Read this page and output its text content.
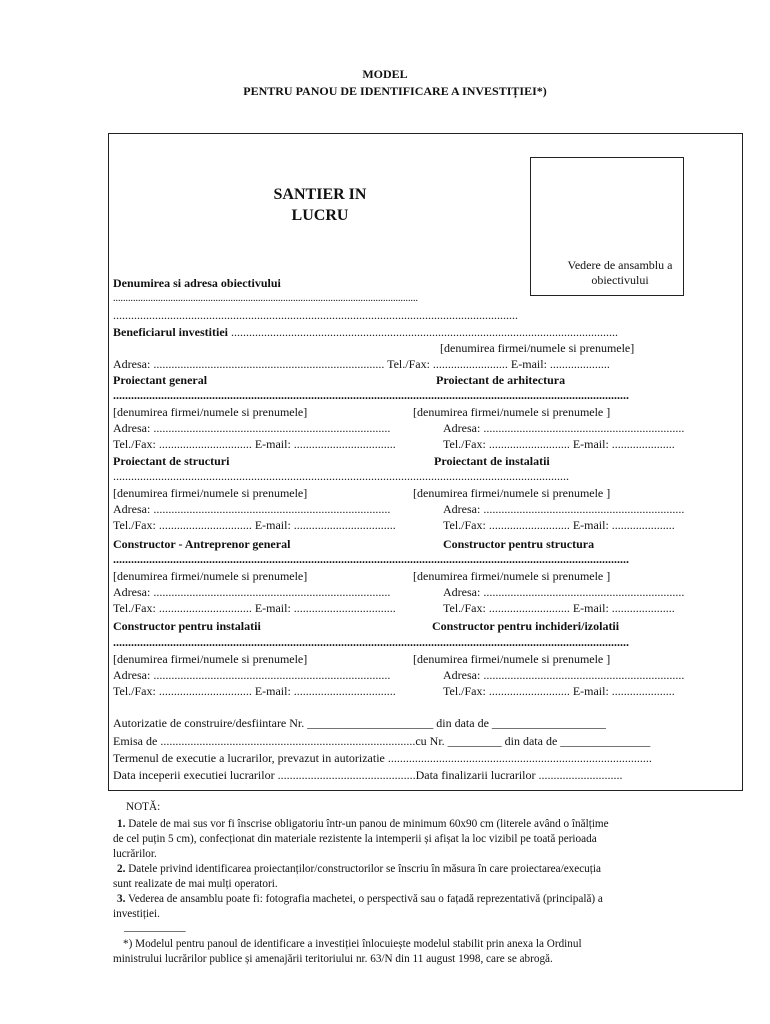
MODEL
PENTRU PANOU DE IDENTIFICARE A INVESTIȚIEI*)
SANTIER IN
LUCRU
Vedere de ansamblu a
obiectivului
Denumirea si adresa obiectivului
..........................................................................................................................
.......................................................................................................................................
Beneficiarul investitiei .................................................................................................................................
[denumirea firmei/numele si prenumele]
Adresa: ............................................................................. Tel./Fax: ......................... E-mail: ....................
Proiectant general	Proiectant de arhitectura
............................................................................................................................................................................
[denumirea firmei/numele si prenumele]	[denumirea firmei/numele si prenumele ]
Adresa: ...............................................................................	Adresa: ...................................................................
Tel./Fax: ............................... E-mail: ..................................	Tel./Fax: ........................... E-mail: .....................
Proiectant de structuri	Proiectant de instalatii
........................................................................................................................................................
[denumirea firmei/numele si prenumele]	[denumirea firmei/numele si prenumele ]
Adresa: ...............................................................................	Adresa: ...................................................................
Tel./Fax: ............................... E-mail: ..................................	Tel./Fax: ........................... E-mail: .....................
Constructor - Antreprenor general	Constructor pentru structura
............................................................................................................................................................................
[denumirea firmei/numele si prenumele]	[denumirea firmei/numele si prenumele ]
Adresa: ...............................................................................	Adresa: ...................................................................
Tel./Fax: ............................... E-mail: ..................................	Tel./Fax: ........................... E-mail: .....................
Constructor pentru instalatii	Constructor pentru inchideri/izolatii
............................................................................................................................................................................
[denumirea firmei/numele si prenumele]	[denumirea firmei/numele si prenumele ]
Adresa: ...............................................................................	Adresa: ...................................................................
Tel./Fax: ............................... E-mail: ..................................	Tel./Fax: ........................... E-mail: .....................
Autorizatie de construire/desfiintare Nr. _____________________ din data de ___________________
Emisa de .....................................................................................cu Nr. _________ din data de _______________
Termenul de executie a lucrarilor, prevazut in autorizatie ........................................................................................
Data inceperii executiei lucrarilor ..............................................Data finalizarii lucrarilor ............................
NOTĂ:
1. Datele de mai sus vor fi înscrise obligatoriu într-un panou de minimum 60x90 cm (literele având o înălțime
de cel puțin 5 cm), confecționat din materiale rezistente la intemperii și afișat la loc vizibil pe toată perioada
lucrărilor.
2. Datele privind identificarea proiectanților/constructorilor se înscriu în măsura în care proiectarea/execuția
sunt realizate de mai mulți operatori.
3. Vederea de ansamblu poate fi: fotografia machetei, o perspectivă sau o fațadă reprezentativă (principală) a
investiției.
___________
*) Modelul pentru panoul de identificare a investiției înlocuiește modelul stabilit prin anexa la Ordinul
ministrului lucrărilor publice și amenajării teritoriului nr. 63/N din 11 august 1998, care se abrogă.
